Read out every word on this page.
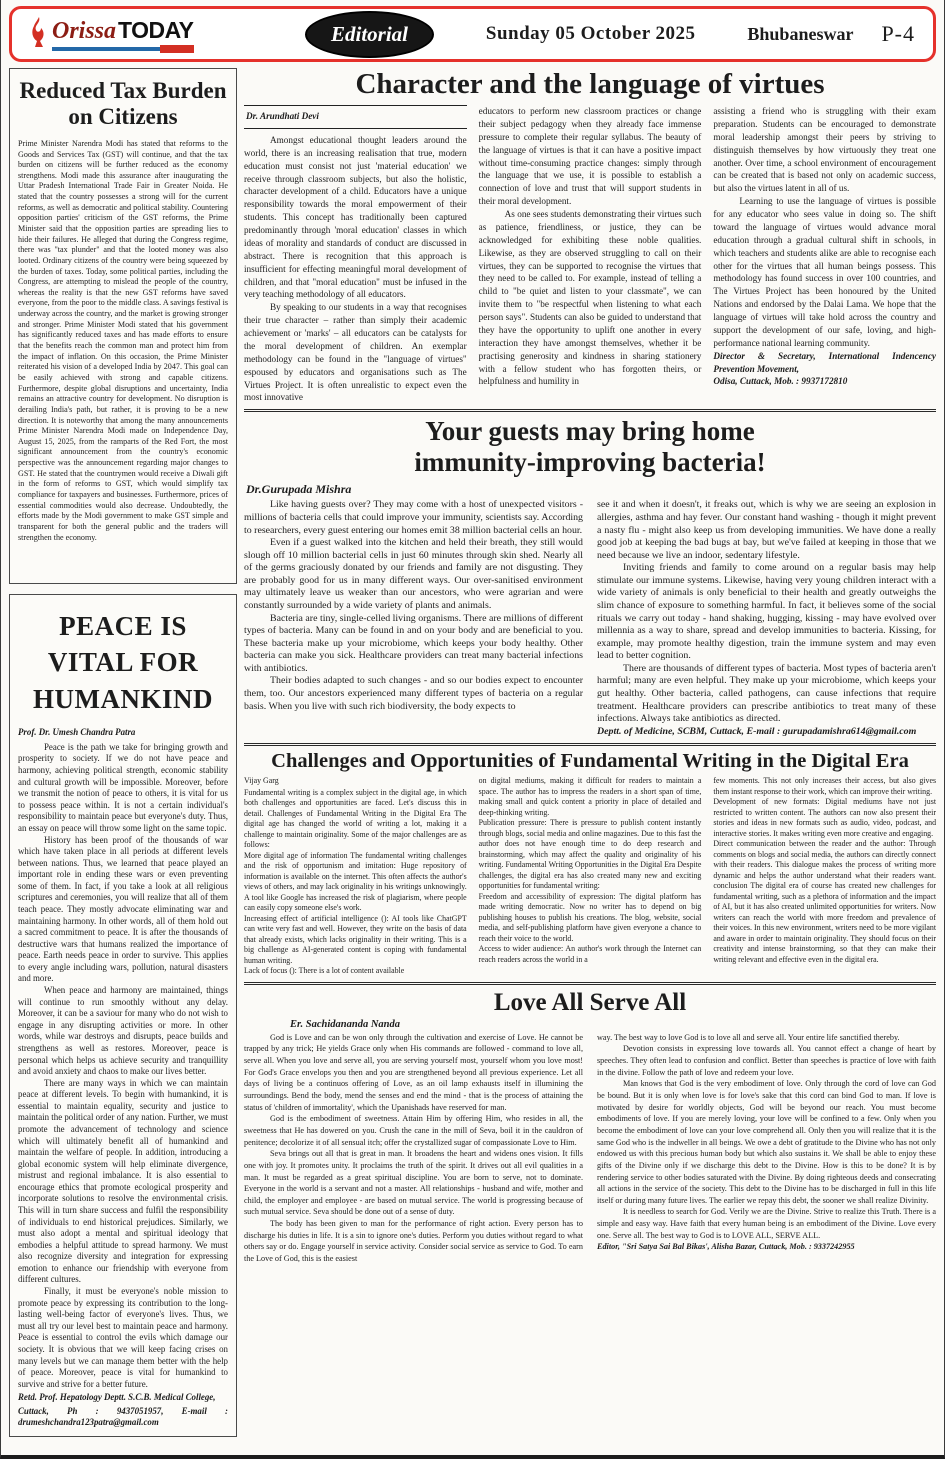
Orissa TODAY	Editorial	Sunday 05 October 2025	Bhubaneswar P-4
Reduced Tax Burden on Citizens

Prime Minister Narendra Modi has stated that reforms to the Goods and Services Tax (GST) will continue, and that the tax burden on citizens will be further reduced as the economy strengthens. Modi made this assurance after inaugurating the Uttar Pradesh International Trade Fair in Greater Noida. He stated that the country possesses a strong will for the current reforms, as well as democratic and political stability. Countering opposition parties' criticism of the GST reforms, the Prime Minister said that the opposition parties are spreading lies to hide their failures. He alleged that during the Congress regime, there was "tax plunder" and that the looted money was also looted. Ordinary citizens of the country were being squeezed by the burden of taxes. Today, some political parties, including the Congress, are attempting to mislead the people of the country, whereas the reality is that the new GST reforms have saved everyone, from the poor to the middle class. A savings festival is underway across the country, and the market is growing stronger and stronger. Prime Minister Modi stated that his government has significantly reduced taxes and has made efforts to ensure that the benefits reach the common man and protect him from the impact of inflation. On this occasion, the Prime Minister reiterated his vision of a developed India by 2047. This goal can be easily achieved with strong and capable citizens. Furthermore, despite global disruptions and uncertainty, India remains an attractive country for development. No disruption is derailing India's path, but rather, it is proving to be a new direction. It is noteworthy that among the many announcements Prime Minister Narendra Modi made on Independence Day, August 15, 2025, from the ramparts of the Red Fort, the most significant announcement from the country's economic perspective was the announcement regarding major changes to GST. He stated that the countrymen would receive a Diwali gift in the form of reforms to GST, which would simplify tax compliance for taxpayers and businesses. Furthermore, prices of essential commodities would also decrease. Undoubtedly, the efforts made by the Modi government to make GST simple and transparent for both the general public and the traders will strengthen the economy.

PEACE IS VITAL FOR HUMANKIND

Prof. Dr. Umesh Chandra Patra

Peace is the path we take for bringing growth and prosperity to society. If we do not have peace and harmony, achieving political strength, economic stability and cultural growth will be impossible. Moreover, before we transmit the notion of peace to others, it is vital for us to possess peace within. It is not a certain individual's responsibility to maintain peace but everyone's duty. Thus, an essay on peace will throw some light on the same topic.

History has been proof of the thousands of war which have taken place in all periods at different levels between nations. Thus, we learned that peace played an important role in ending these wars or even preventing some of them. In fact, if you take a look at all religious scriptures and ceremonies, you will realize that all of them teach peace. They mostly advocate eliminating war and maintaining harmony. In other words, all of them hold out a sacred commitment to peace. It is after the thousands of destructive wars that humans realized the importance of peace. Earth needs peace in order to survive. This applies to every angle including wars, pollution, natural disasters and more.

When peace and harmony are maintained, things will continue to run smoothly without any delay. Moreover, it can be a saviour for many who do not wish to engage in any disrupting activities or more. In other words, while war destroys and disrupts, peace builds and strengthens as well as restores. Moreover, peace is personal which helps us achieve security and tranquillity and avoid anxiety and chaos to make our lives better.

There are many ways in which we can maintain peace at different levels. To begin with humankind, it is essential to maintain equality, security and justice to maintain the political order of any nation. Further, we must promote the advancement of technology and science which will ultimately benefit all of humankind and maintain the welfare of people. In addition, introducing a global economic system will help eliminate divergence, mistrust and regional imbalance. It is also essential to encourage ethics that promote ecological prosperity and incorporate solutions to resolve the environmental crisis. This will in turn share success and fulfil the responsibility of individuals to end historical prejudices. Similarly, we must also adopt a mental and spiritual ideology that embodies a helpful attitude to spread harmony. We must also recognize diversity and integration for expressing emotion to enhance our friendship with everyone from different cultures.

Finally, it must be everyone's noble mission to promote peace by expressing its contribution to the long-lasting well-being factor of everyone's lives. Thus, we must all try our level best to maintain peace and harmony. Peace is essential to control the evils which damage our society. It is obvious that we will keep facing crises on many levels but we can manage them better with the help of peace. Moreover, peace is vital for humankind to survive and strive for a better future.

Retd. Prof. Hepatology Deptt. S.C.B. Medical College,

Cuttack, Ph : 9437051957, E-mail : drumeshchandra123patra@gmail.com

Character and the language of virtues

Dr. Arundhati Devi

Amongst educational thought leaders around the world, there is an increasing realisation that true, modern education must consist not just 'material education' we receive through classroom subjects, but also the holistic, character development of a child. Educators have a unique responsibility towards the moral empowerment of their students. This concept has traditionally been captured predominantly through 'moral education' classes in which ideas of morality and standards of conduct are discussed in abstract. There is recognition that this approach is insufficient for effecting meaningful moral development of children, and that "moral education" must be infused in the very teaching methodology of all educators.

By speaking to our students in a way that recognises their true character – rather than simply their academic achievement or 'marks' – all educators can be catalysts for the moral development of children. An exemplar methodology can be found in the "language of virtues" espoused by educators and organisations such as The Virtues Project. It is often unrealistic to expect even the most innovative

educators to perform new classroom practices or change their subject pedagogy when they already face immense pressure to complete their regular syllabus. The beauty of the language of virtues is that it can have a positive impact without time-consuming practice changes: simply through the language that we use, it is possible to establish a connection of love and trust that will support students in their moral development.

As one sees students demonstrating their virtues such as patience, friendliness, or justice, they can be acknowledged for exhibiting these noble qualities. Likewise, as they are observed struggling to call on their virtues, they can be supported to recognise the virtues that they need to be called to. For example, instead of telling a child to "be quiet and listen to your classmate", we can invite them to "be respectful when listening to what each person says". Students can also be guided to understand that they have the opportunity to uplift one another in every interaction they have amongst themselves, whether it be practising generosity and kindness in sharing stationery with a fellow student who has forgotten theirs, or helpfulness and humility in

assisting a friend who is struggling with their exam preparation. Students can be encouraged to demonstrate moral leadership amongst their peers by striving to distinguish themselves by how virtuously they treat one another. Over time, a school environment of encouragement can be created that is based not only on academic success, but also the virtues latent in all of us.

Learning to use the language of virtues is possible for any educator who sees value in doing so. The shift toward the language of virtues would advance moral education through a gradual cultural shift in schools, in which teachers and students alike are able to recognise each other for the virtues that all human beings possess. This methodology has found success in over 100 countries, and The Virtues Project has been honoured by the United Nations and endorsed by the Dalai Lama. We hope that the language of virtues will take hold across the country and support the development of our safe, loving, and high-performance national learning community.

Director & Secretary, International Indencency Prevention Movement,

Odisa, Cuttack, Mob. : 9937172810

Your guests may bring home
immunity-improving bacteria!

Dr.Gurupada Mishra

Like having guests over? They may come with a host of unexpected visitors - millions of bacteria cells that could improve your immunity, scientists say. According to researchers, every guest entering our homes emit 38 million bacterial cells an hour.

Even if a guest walked into the kitchen and held their breath, they still would slough off 10 million bacterial cells in just 60 minutes through skin shed. Nearly all of the germs graciously donated by our friends and family are not disgusting. They are probably good for us in many different ways. Our over-sanitised environment may ultimately leave us weaker than our ancestors, who were agrarian and were constantly surrounded by a wide variety of plants and animals.

Bacteria are tiny, single-celled living organisms. There are millions of different types of bacteria. Many can be found in and on your body and are beneficial to you. These bacteria make up your microbiome, which keeps your body healthy. Other bacteria can make you sick. Healthcare providers can treat many bacterial infections with antibiotics.

Their bodies adapted to such changes - and so our bodies expect to encounter them, too. Our ancestors experienced many different types of bacteria on a regular basis. When you live with such rich biodiversity, the body expects to

see it and when it doesn't, it freaks out, which is why we are seeing an explosion in allergies, asthma and hay fever. Our constant hand washing - though it might prevent a nasty flu - might also keep us from developing immunities. We have done a really good job at keeping the bad bugs at bay, but we've failed at keeping in those that we need because we live an indoor, sedentary lifestyle.

Inviting friends and family to come around on a regular basis may help stimulate our immune systems. Likewise, having very young children interact with a wide variety of animals is only beneficial to their health and greatly outweighs the slim chance of exposure to something harmful. In fact, it believes some of the social rituals we carry out today - hand shaking, hugging, kissing - may have evolved over millennia as a way to share, spread and develop immunities to bacteria. Kissing, for example, may promote healthy digestion, train the immune system and may even lead to better cognition.

There are thousands of different types of bacteria. Most types of bacteria aren't harmful; many are even helpful. They make up your microbiome, which keeps your gut healthy. Other bacteria, called pathogens, can cause infections that require treatment. Healthcare providers can prescribe antibiotics to treat many of these infections. Always take antibiotics as directed.

Deptt. of Medicine, SCBM, Cuttack, E-mail : gurupadamishra614@gmail.com

Challenges and Opportunities of Fundamental Writing in the Digital Era

Vijay Garg

Fundamental writing is a complex subject in the digital age, in which both challenges and opportunities are faced. Let's discuss this in detail. Challenges of Fundamental Writing in the Digital Era The digital age has changed the world of writing a lot, making it a challenge to maintain originality. Some of the major challenges are as follows:

More digital age of information The fundamental writing challenges and the risk of opportunism and imitation: Huge repository of information is available on the internet. This often affects the author's views of others, and may lack originality in his writings unknowingly. A tool like Google has increased the risk of plagiarism, where people can easily copy someone else's work.

Increasing effect of artificial intelligence (): AI tools like ChatGPT can write very fast and well. However, they write on the basis of data that already exists, which lacks originality in their writing. This is a big challenge as AI-generated content is coping with fundamental human writing.

Lack of focus (): There is a lot of content available

on digital mediums, making it difficult for readers to maintain a space. The author has to impress the readers in a short span of time, making small and quick content a priority in place of detailed and deep-thinking writing.

Publication pressure: There is pressure to publish content instantly through blogs, social media and online magazines. Due to this fast the author does not have enough time to do deep research and brainstorming, which may affect the quality and originality of his writing. Fundamental Writing Opportunities in the Digital Era Despite challenges, the digital era has also created many new and exciting opportunities for fundamental writing:

Freedom and accessibility of expression: The digital platform has made writing democratic. Now no writer has to depend on big publishing houses to publish his creations. The blog, website, social media, and self-publishing platform have given everyone a chance to reach their voice to the world.

Access to wider audience: An author's work through the Internet can reach readers across the world in a

few moments. This not only increases their access, but also gives them instant response to their work, which can improve their writing.

Development of new formats: Digital mediums have not just restricted to written content. The authors can now also present their stories and ideas in new formats such as audio, video, podcast, and interactive stories. It makes writing even more creative and engaging.

Direct communication between the reader and the author: Through comments on blogs and social media, the authors can directly connect with their readers. This dialogue makes the process of writing more dynamic and helps the author understand what their readers want. conclusion The digital era of course has created new challenges for fundamental writing, such as a plethora of information and the impact of AI, but it has also created unlimited opportunities for writers. Now writers can reach the world with more freedom and prevalence of their voices. In this new environment, writers need to be more vigilant and aware in order to maintain originality. They should focus on their creativity and intense brainstorming, so that they can make their writing relevant and effective even in the digital era.

Love All Serve All

Er. Sachidananda Nanda

God is Love and can be won only through the cultivation and exercise of Love. He cannot be trapped by any trick; He yields Grace only when His commands are followed - command to love all, serve all. When you love and serve all, you are serving yourself most, yourself whom you love most! For God's Grace envelops you then and you are strengthened beyond all previous experience. Let all days of living be a continuos offering of Love, as an oil lamp exhausts itself in illumining the surroundings. Bend the body, mend the senses and end the mind - that is the process of attaining the status of 'children of immortality', which the Upanishads have reserved for man.

God is the embodiment of sweetness. Attain Him by offering Him, who resides in all, the sweetness that He has dowered on you. Crush the cane in the mill of Seva, boil it in the cauldron of penitence; decolorize it of all sensual itch; offer the crystallized sugar of compassionate Love to Him.

Seva brings out all that is great in man. It broadens the heart and widens ones vision. It fills one with joy. It promotes unity. It proclaims the truth of the spirit. It drives out all evil qualities in a man. It must be regarded as a great spiritual discipline. You are born to serve, not to dominate. Everyone in the world is a servant and not a master. All relationships - husband and wife, mother and child, the employer and employee - are based on mutual service. The world is progressing because of such mutual service. Seva should be done out of a sense of duty.

The body has been given to man for the performance of right action. Every person has to discharge his duties in life. It is a sin to ignore one's duties. Perform you duties without regard to what others say or do. Engage yourself in service activity. Consider social service as service to God. To earn the Love of God, this is the easiest

way. The best way to love God is to love all and serve all. Your entire life sanctified thereby.

Devotion consists in expressing love towards all. You cannot effect a change of heart by speeches. They often lead to confusion and conflict. Better than speeches is practice of love with faith in the divine. Follow the path of love and redeem your love.

Man knows that God is the very embodiment of love. Only through the cord of love can God be bound. But it is only when love is for love's sake that this cord can bind God to man. If love is motivated by desire for worldly objects, God will be beyond our reach. You must become embodiments of love. If you are merely loving, your love will be confined to a few. Only when you become the embodiment of love can your love comprehend all. Only then you will realize that it is the same God who is the indweller in all beings. We owe a debt of gratitude to the Divine who has not only endowed us with this precious human body but which also sustains it. We shall be able to enjoy these gifts of the Divine only if we discharge this debt to the Divine. How is this to be done? It is by rendering service to other bodies saturated with the Divine. By doing righteous deeds and consecrating all actions in the service of the society. This debt to the Divine has to be discharged in full in this life itself or during many future lives. The earlier we repay this debt, the sooner we shall realize Divinity.

It is needless to search for God. Verily we are the Divine. Strive to realize this Truth. There is a simple and easy way. Have faith that every human being is an embodiment of the Divine. Love every one. Serve all. The best way to God is to LOVE ALL, SERVE ALL.

Editor, "Sri Satya Sai Bal Bikas', Alisha Bazar, Cuttack, Mob. : 9337242955
